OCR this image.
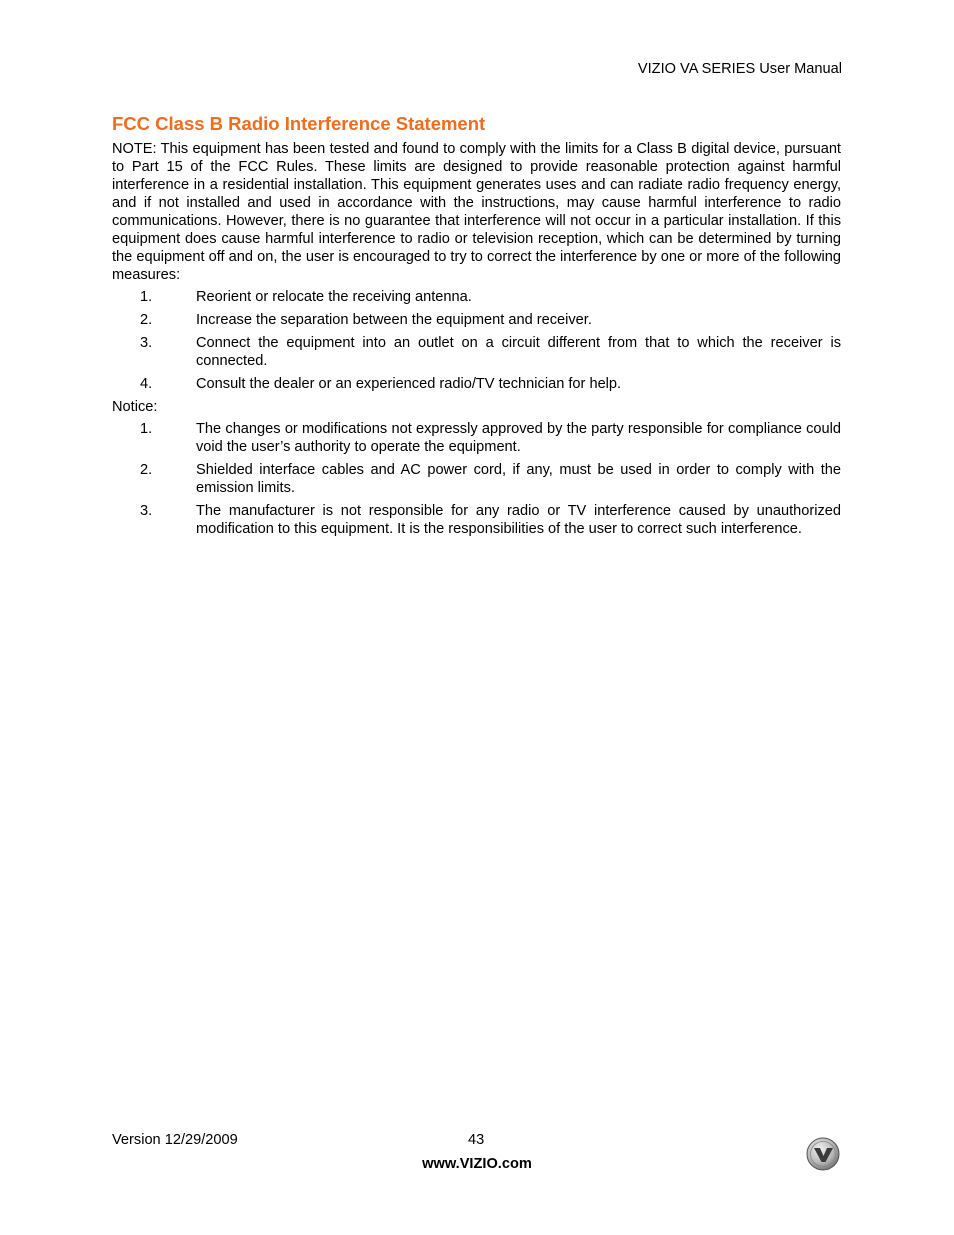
VIZIO VA SERIES User Manual
FCC Class B Radio Interference Statement

NOTE: This equipment has been tested and found to comply with the limits for a Class B digital device, pursuant to Part 15 of the FCC Rules. These limits are designed to provide reasonable protection against harmful interference in a residential installation. This equipment generates uses and can radiate radio frequency energy, and if not installed and used in accordance with the instructions, may cause harmful interference to radio communications. However, there is no guarantee that interference will not occur in a particular installation. If this equipment does cause harmful interference to radio or television reception, which can be determined by turning the equipment off and on, the user is encouraged to try to correct the interference by one or more of the following measures:

1.	Reorient or relocate the receiving antenna.
2.	Increase the separation between the equipment and receiver.
3.	Connect the equipment into an outlet on a circuit different from that to which the receiver is connected.
4.	Consult the dealer or an experienced radio/TV technician for help.

Notice:

1.	The changes or modifications not expressly approved by the party responsible for compliance could void the user’s authority to operate the equipment.
2.	Shielded interface cables and AC power cord, if any, must be used in order to comply with the emission limits.
3.	The manufacturer is not responsible for any radio or TV interference caused by unauthorized modification to this equipment. It is the responsibilities of the user to correct such interference.
Version 12/29/2009	43
www.VIZIO.com
